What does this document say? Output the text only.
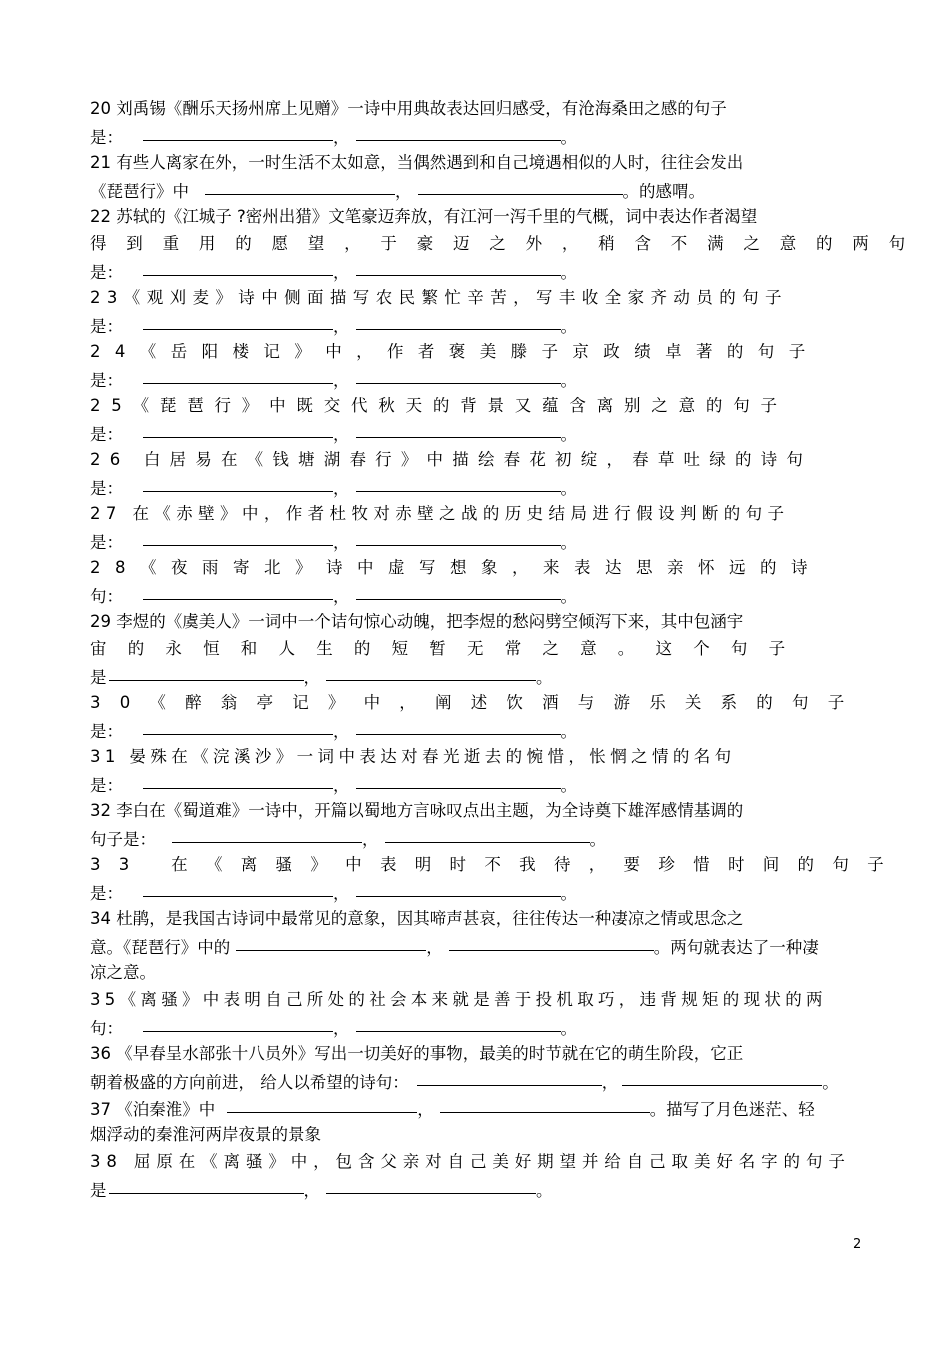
20 刘禹锡《酬乐天扬州席上见赠》一诗中用典故表达回归感受，有沧海桑田之感的句子
是：	，	。
21 有些人离家在外，一时生活不太如意，当偶然遇到和自己境遇相似的人时，往往会发出
《琵琶行》中	，	。的感喟。
22 苏轼的《江城子 ?密州出猎》文笔豪迈奔放，有江河一泻千里的气概，词中表达作者渴望
得到重用的愿望，于豪迈之外，稍含不满之意的两句
是：	，	。
23《观刈麦》诗中侧面描写农民繁忙辛苦，写丰收全家齐动员的句子
是：	，	。
24《岳阳楼记》中，作者褒美滕子京政绩卓著的句子
是：	，	。
25《琵琶行》中既交代秋天的背景又蕴含离别之意的句子
是：	，	。
26 白居易在《钱塘湖春行》中描绘春花初绽，春草吐绿的诗句
是：	，	。
27 在《赤壁》中，作者杜牧对赤壁之战的历史结局进行假设判断的句子
是：	，	。
28《夜雨寄北》诗中虚写想象，来表达思亲怀远的诗
句：	，	。
29 李煜的《虞美人》一词中一个诘句惊心动魄，把李煜的愁闷劈空倾泻下来，其中包涵宇
宙的永恒和人生的短暂无常之意。这个句子
是	，	。
30《醉翁亭记》中，阐述饮酒与游乐关系的句子
是：	，	。
31 晏殊在《浣溪沙》一词中表达对春光逝去的惋惜，怅惘之情的名句
是：	，	。
32 李白在《蜀道难》一诗中，开篇以蜀地方言咏叹点出主题，为全诗奠下雄浑感情基调的
句子是：	，	。
33 在《离骚》中表明时不我待，要珍惜时间的句子
是：	，	。
34 杜鹃，是我国古诗词中最常见的意象，因其啼声甚哀，往往传达一种凄凉之情或思念之
意。《琵琶行》中的	，	。两句就表达了一种凄
凉之意。
35《离骚》中表明自己所处的社会本来就是善于投机取巧，违背规矩的现状的两
句：	，	。
36 《早春呈水部张十八员外》写出一切美好的事物，最美的时节就在它的萌生阶段，它正
朝着极盛的方向前进， 给人以希望的诗句：	，	。
37 《泊秦淮》中	，	。描写了月色迷茫、轻
烟浮动的秦淮河两岸夜景的景象
38 屈原在《离骚》中，包含父亲对自己美好期望并给自己取美好名字的句子
是	，	。
2
